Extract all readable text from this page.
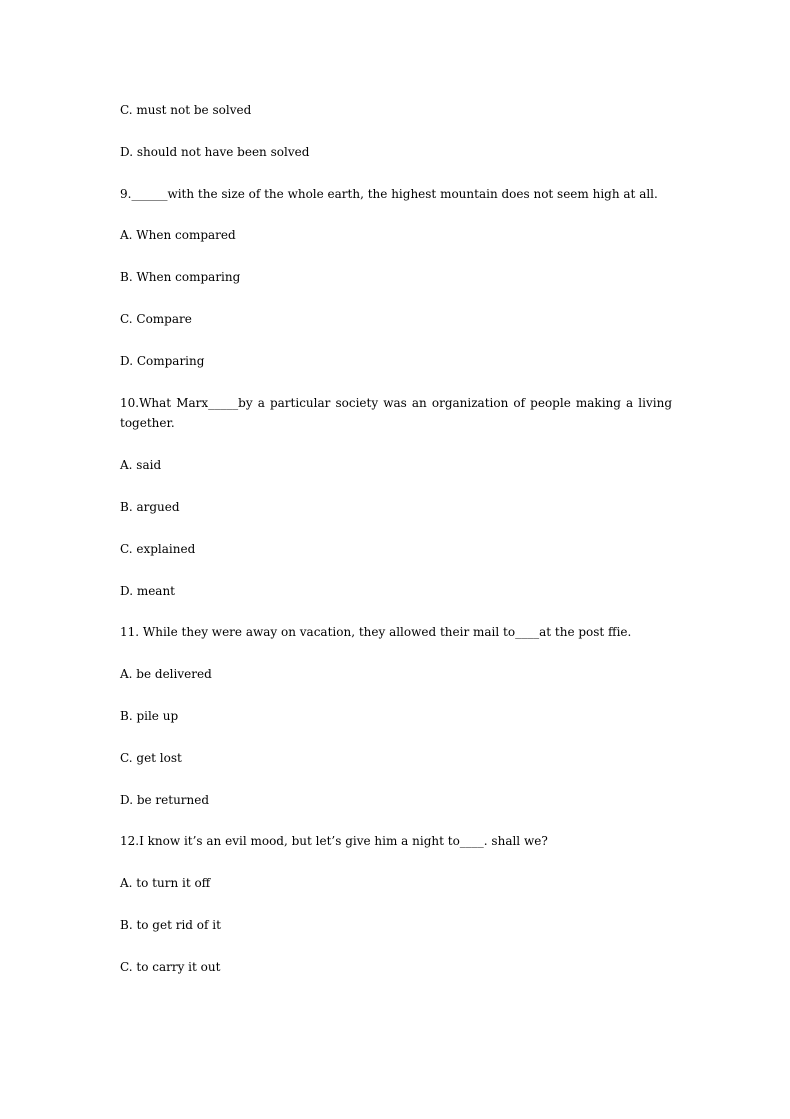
C. must not be solved

D. should not have been solved

9.______with the size of the whole earth, the highest mountain does not seem high at all.

A. When compared

B. When comparing

C. Compare

D. Comparing

10.What Marx_____by a particular society was an organization of people making a living together.

A. said

B. argued

C. explained

D. meant

11. While they were away on vacation, they allowed their mail to____at the post ffie.

A. be delivered

B. pile up

C. get lost

D. be returned

12.I know it’s an evil mood, but let’s give him a night to____. shall we?

A. to turn it off

B. to get rid of it

C. to carry it out
